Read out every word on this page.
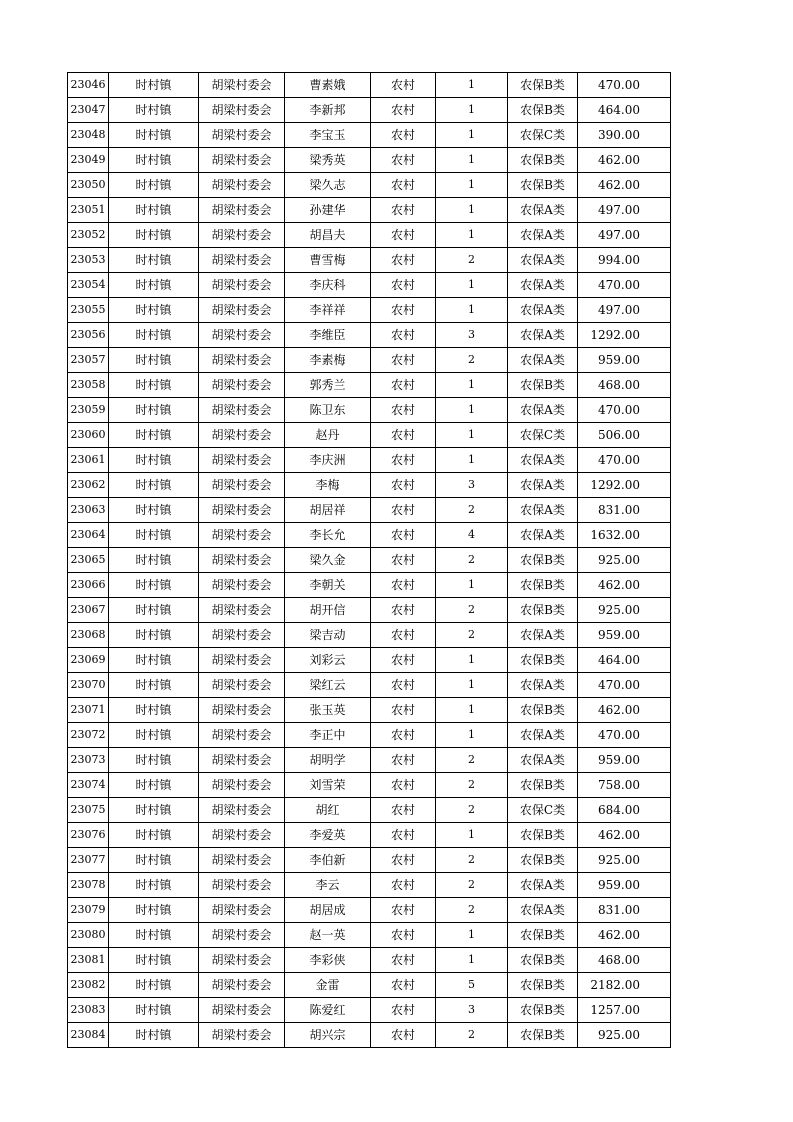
23046	时村镇	胡梁村委会	曹素娥	农村	1	农保B类	470.00
23047	时村镇	胡梁村委会	李新邦	农村	1	农保B类	464.00
23048	时村镇	胡梁村委会	李宝玉	农村	1	农保C类	390.00
23049	时村镇	胡梁村委会	梁秀英	农村	1	农保B类	462.00
23050	时村镇	胡梁村委会	梁久志	农村	1	农保B类	462.00
23051	时村镇	胡梁村委会	孙建华	农村	1	农保A类	497.00
23052	时村镇	胡梁村委会	胡昌夫	农村	1	农保A类	497.00
23053	时村镇	胡梁村委会	曹雪梅	农村	2	农保A类	994.00
23054	时村镇	胡梁村委会	李庆科	农村	1	农保A类	470.00
23055	时村镇	胡梁村委会	李祥祥	农村	1	农保A类	497.00
23056	时村镇	胡梁村委会	李维臣	农村	3	农保A类	1292.00
23057	时村镇	胡梁村委会	李素梅	农村	2	农保A类	959.00
23058	时村镇	胡梁村委会	郭秀兰	农村	1	农保B类	468.00
23059	时村镇	胡梁村委会	陈卫东	农村	1	农保A类	470.00
23060	时村镇	胡梁村委会	赵丹	农村	1	农保C类	506.00
23061	时村镇	胡梁村委会	李庆洲	农村	1	农保A类	470.00
23062	时村镇	胡梁村委会	李梅	农村	3	农保A类	1292.00
23063	时村镇	胡梁村委会	胡居祥	农村	2	农保A类	831.00
23064	时村镇	胡梁村委会	李长允	农村	4	农保A类	1632.00
23065	时村镇	胡梁村委会	梁久金	农村	2	农保B类	925.00
23066	时村镇	胡梁村委会	李朝关	农村	1	农保B类	462.00
23067	时村镇	胡梁村委会	胡开信	农村	2	农保B类	925.00
23068	时村镇	胡梁村委会	梁吉动	农村	2	农保A类	959.00
23069	时村镇	胡梁村委会	刘彩云	农村	1	农保B类	464.00
23070	时村镇	胡梁村委会	梁红云	农村	1	农保A类	470.00
23071	时村镇	胡梁村委会	张玉英	农村	1	农保B类	462.00
23072	时村镇	胡梁村委会	李正中	农村	1	农保A类	470.00
23073	时村镇	胡梁村委会	胡明学	农村	2	农保A类	959.00
23074	时村镇	胡梁村委会	刘雪荣	农村	2	农保B类	758.00
23075	时村镇	胡梁村委会	胡红	农村	2	农保C类	684.00
23076	时村镇	胡梁村委会	李爱英	农村	1	农保B类	462.00
23077	时村镇	胡梁村委会	李伯新	农村	2	农保B类	925.00
23078	时村镇	胡梁村委会	李云	农村	2	农保A类	959.00
23079	时村镇	胡梁村委会	胡居成	农村	2	农保A类	831.00
23080	时村镇	胡梁村委会	赵一英	农村	1	农保B类	462.00
23081	时村镇	胡梁村委会	李彩侠	农村	1	农保B类	468.00
23082	时村镇	胡梁村委会	金雷	农村	5	农保B类	2182.00
23083	时村镇	胡梁村委会	陈爱红	农村	3	农保B类	1257.00
23084	时村镇	胡梁村委会	胡兴宗	农村	2	农保B类	925.00
